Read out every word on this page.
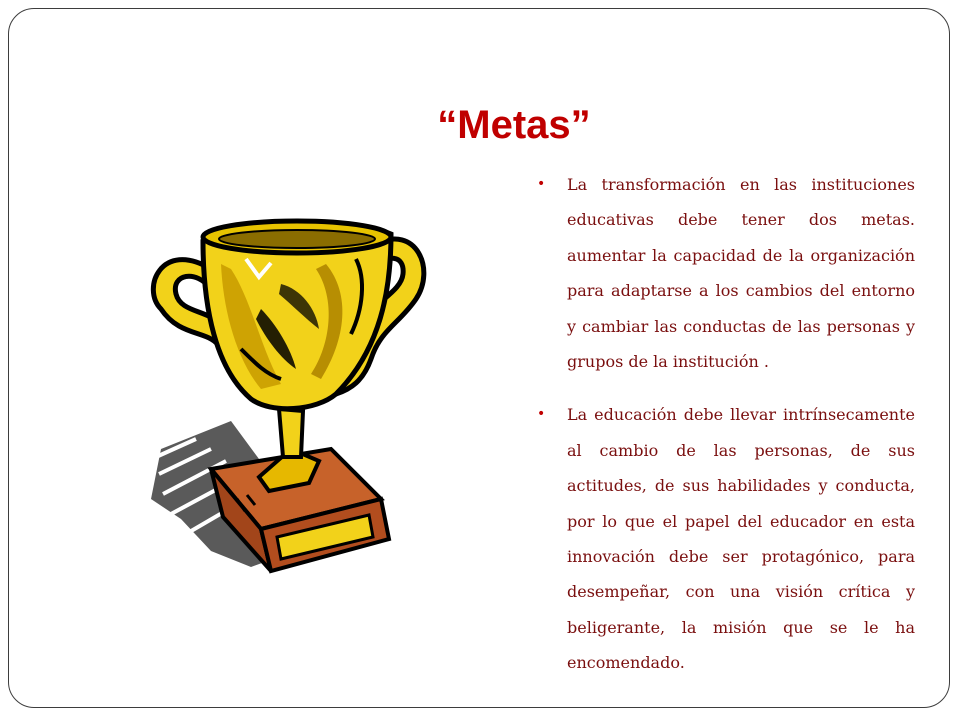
“Metas”
• La transformación en las instituciones educativas debe tener dos metas. aumentar la capacidad de la organización para adaptarse a los cambios del entorno y cambiar las conductas de las personas y grupos de la institución .
• La educación debe llevar intrínsecamente al cambio de las personas, de sus actitudes, de sus habilidades y conducta, por lo que el papel del educador en esta innovación debe ser protagónico, para desempeñar, con una visión crítica y beligerante, la misión que se le ha encomendado.
